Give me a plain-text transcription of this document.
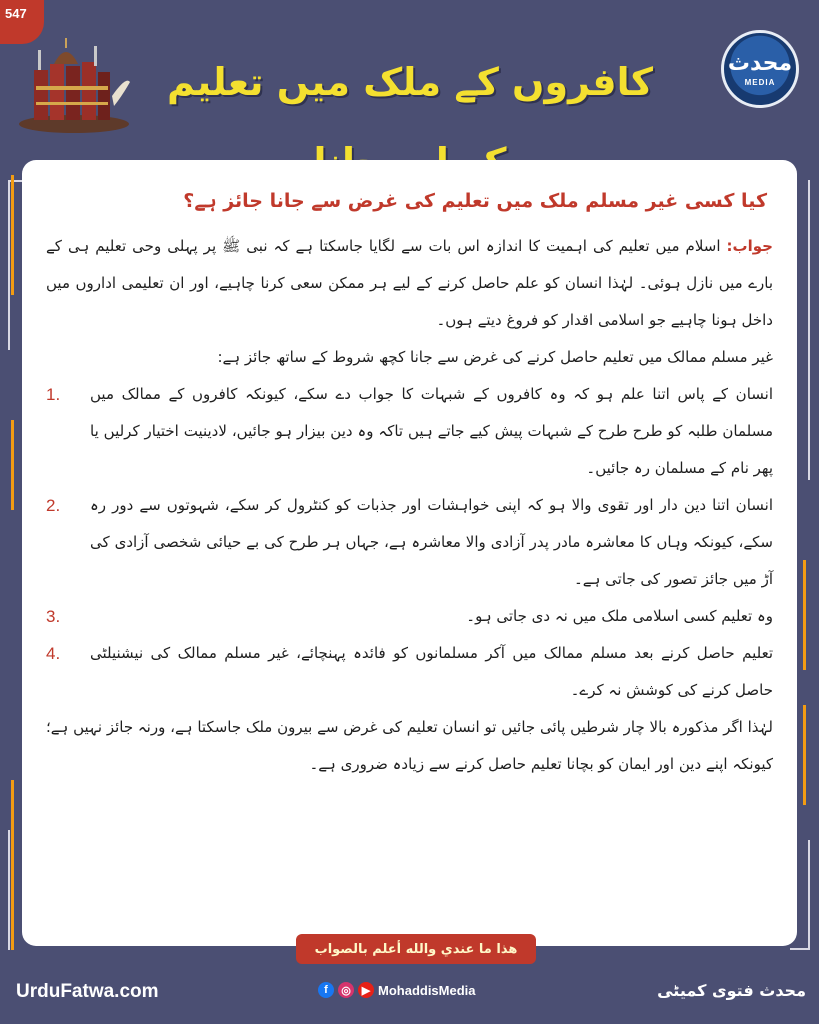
547
کافروں کے ملک میں تعلیم	محدث
MEDIA
کیا کسی غیر مسلم ملک میں تعلیم کی غرض سے جانا جائز ہے؟

جواب: اسلام میں تعلیم کی اہمیت کا اندازہ اس بات سے لگایا جاسکتا ہے کہ نبی ﷺ پر پہلی وحی تعلیم ہی کے بارے میں نازل ہوئی۔ لہٰذا انسان کو علم حاصل کرنے کے لیے ہر ممکن سعی کرنا چاہیے، اور ان تعلیمی اداروں میں داخل ہونا چاہیے جو اسلامی اقدار کو فروغ دیتے ہوں۔

غیر مسلم ممالک میں تعلیم حاصل کرنے کی غرض سے جانا کچھ شروط کے ساتھ جائز ہے:

1.	انسان کے پاس اتنا علم ہو کہ وہ کافروں کے شبہات کا جواب دے سکے، کیونکہ کافروں کے ممالک میں مسلمان طلبہ کو طرح طرح کے شبہات پیش کیے جاتے ہیں تاکہ وہ دین بیزار ہو جائیں، لادینیت اختیار کرلیں یا پھر نام کے مسلمان رہ جائیں۔
2.	انسان اتنا دین دار اور تقوی والا ہو کہ اپنی خواہشات اور جذبات کو کنٹرول کر سکے، شہوتوں سے دور رہ سکے، کیونکہ وہاں کا معاشرہ مادر پدر آزادی والا معاشرہ ہے، جہاں ہر طرح کی بے حیائی شخصی آزادی کی آڑ میں جائز تصور کی جاتی ہے۔
3.	وہ تعلیم کسی اسلامی ملک میں نہ دی جاتی ہو۔
4.	تعلیم حاصل کرنے بعد مسلم ممالک میں آکر مسلمانوں کو فائدہ پہنچائے، غیر مسلم ممالک کی نیشنیلٹی حاصل کرنے کی کوشش نہ کرے۔

لہٰذا اگر مذکورہ بالا چار شرطیں پائی جائیں تو انسان تعلیم کی غرض سے بیرون ملک جاسکتا ہے، ورنہ جائز نہیں ہے؛ کیونکہ اپنے دین اور ایمان کو بچانا تعلیم حاصل کرنے سے زیادہ ضروری ہے۔

هذا ما عندي والله أعلم بالصواب
UrduFatwa.com	f	◎ ▶ MohaddisMedia	محدث فتوی کمیٹی
